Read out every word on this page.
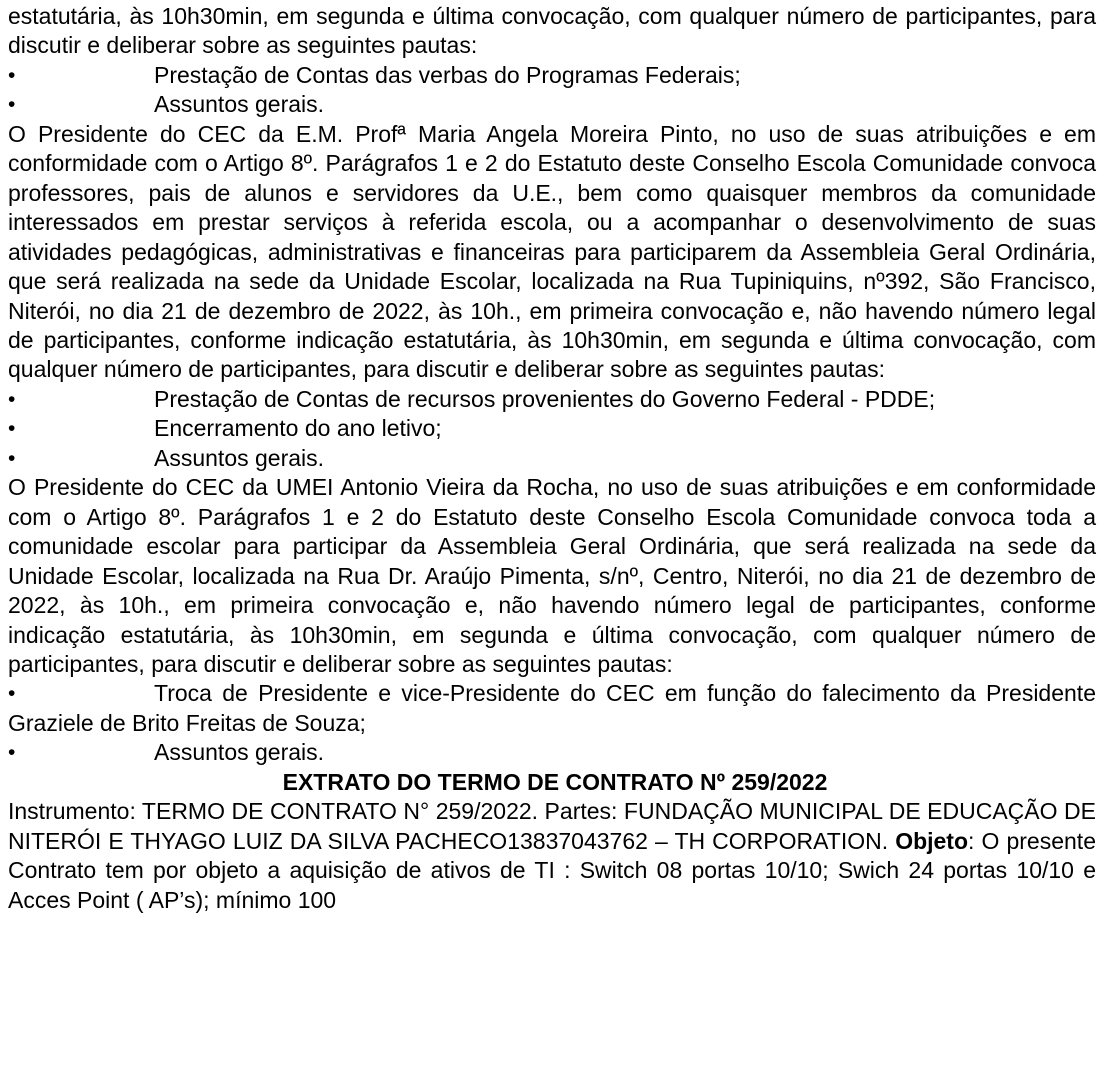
estatutária, às 10h30min, em segunda e última convocação, com qualquer número de participantes, para discutir e deliberar sobre as seguintes pautas:

•	Prestação de Contas das verbas do Programas Federais;

•	Assuntos gerais.

O Presidente do CEC da E.M. Profª Maria Angela Moreira Pinto, no uso de suas atribuições e em conformidade com o Artigo 8º. Parágrafos 1 e 2 do Estatuto deste Conselho Escola Comunidade convoca professores, pais de alunos e servidores da U.E., bem como quaisquer membros da comunidade interessados em prestar serviços à referida escola, ou a acompanhar o desenvolvimento de suas atividades pedagógicas, administrativas e financeiras para participarem da Assembleia Geral Ordinária, que será realizada na sede da Unidade Escolar, localizada na Rua Tupiniquins, nº392, São Francisco, Niterói, no dia 21 de dezembro de 2022, às 10h., em primeira convocação e, não havendo número legal de participantes, conforme indicação estatutária, às 10h30min, em segunda e última convocação, com qualquer número de participantes, para discutir e deliberar sobre as seguintes pautas:

•	Prestação de Contas de recursos provenientes do Governo Federal - PDDE;

•	Encerramento do ano letivo;

•	Assuntos gerais.

O Presidente do CEC da UMEI Antonio Vieira da Rocha, no uso de suas atribuições e em conformidade com o Artigo 8º. Parágrafos 1 e 2 do Estatuto deste Conselho Escola Comunidade convoca toda a comunidade escolar para participar da Assembleia Geral Ordinária, que será realizada na sede da Unidade Escolar, localizada na Rua Dr. Araújo Pimenta, s/nº, Centro, Niterói, no dia 21 de dezembro de 2022, às 10h., em primeira convocação e, não havendo número legal de participantes, conforme indicação estatutária, às 10h30min, em segunda e última convocação, com qualquer número de participantes, para discutir e deliberar sobre as seguintes pautas:

•	Troca de Presidente e vice-Presidente do CEC em função do falecimento da Presidente Graziele de Brito Freitas de Souza;

•	Assuntos gerais.

EXTRATO DO TERMO DE CONTRATO Nº 259/2022

Instrumento: TERMO DE CONTRATO N° 259/2022. Partes: FUNDAÇÃO MUNICIPAL DE EDUCAÇÃO DE NITERÓI E THYAGO LUIZ DA SILVA PACHECO13837043762 – TH CORPORATION. Objeto: O presente Contrato tem por objeto a aquisição de ativos de TI : Switch 08 portas 10/10; Swich 24 portas 10/10 e Acces Point ( AP’s); mínimo 100
